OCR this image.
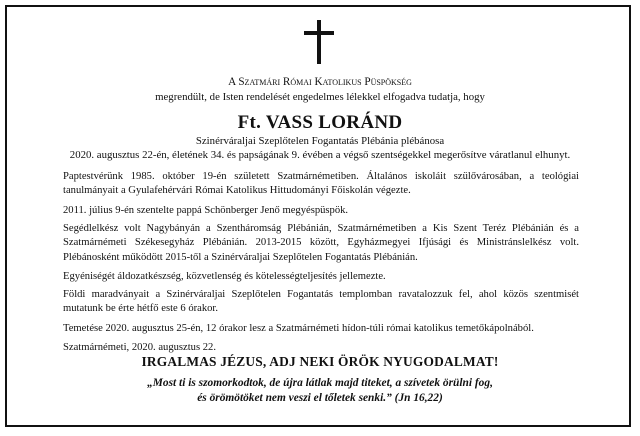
A Szatmári Római Katolikus Püspökség
megrendült, de Isten rendelését engedelmes lélekkel elfogadva tudatja, hogy
Ft. VASS LORÁND
Szinérváraljai Szeplőtelen Fogantatás Plébánia plébánosa
2020. augusztus 22-én, életének 34. és papságának 9. évében a végső szentségekkel megerősítve váratlanul elhunyt.
Paptestvérünk 1985. október 19-én született Szatmárnémetiben. Általános iskoláit szülővárosában, a teológiai tanulmányait a Gyulafehérvári Római Katolikus Hittudományi Főiskolán végezte.
2011. július 9-én szentelte pappá Schönberger Jenő megyéspüspök.
Segédlelkész volt Nagybányán a Szentháromság Plébánián, Szatmárnémetiben a Kis Szent Teréz Plébánián és a Szatmárnémeti Székesegyház Plébánián. 2013-2015 között, Egyházmegyei Ifjúsági és Ministránslelkész volt. Plébánosként működött 2015-től a Szinérváraljai Szeplőtelen Fogantatás Plébánián.
Egyéniségét áldozatkészség, közvetlenség és kötelességteljesítés jellemezte.
Földi maradványait a Szinérváraljai Szeplőtelen Fogantatás templomban ravatalozzuk fel, ahol közös szentmisét mutatunk be érte hétfő este 6 órakor.
Temetése 2020. augusztus 25-én, 12 órakor lesz a Szatmárnémeti hídon-túli római katolikus temetőkápolnából.
Szatmárnémeti, 2020. augusztus 22.
IRGALMAS JÉZUS, ADJ NEKI ÖRÖK NYUGODALMAT!
„Most ti is szomorkodtok, de újra látlak majd titeket, a szívetek örülni fog,
és örömötöket nem veszi el tőletek senki.” (Jn 16,22)
